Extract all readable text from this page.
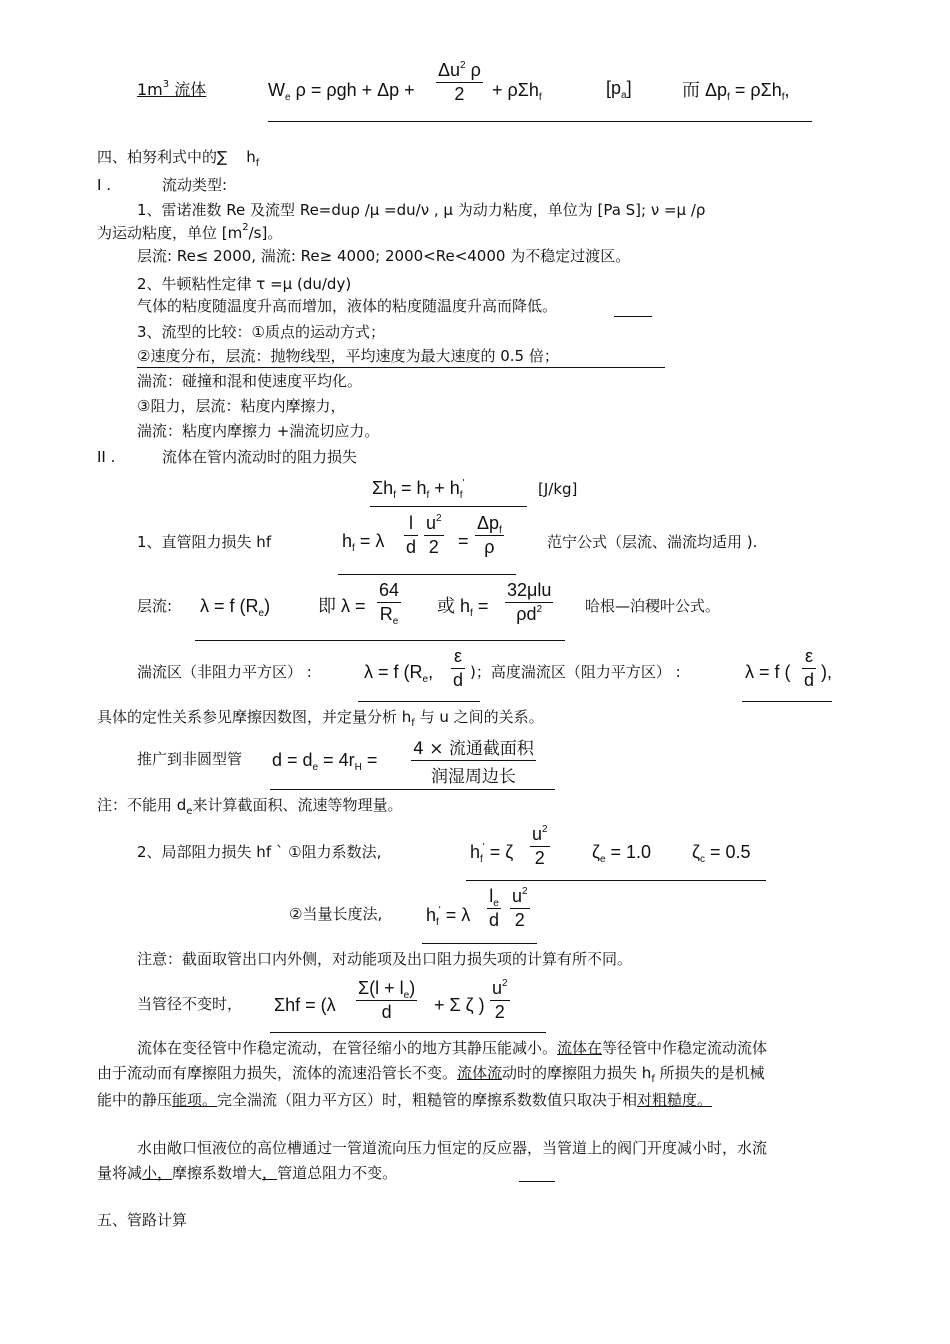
$1m^3$ 流体	$W_e$ ρ = ρgh + Δp +
$\Delta u^2$ ρ
2 + ρΣh$_f$	$[p_a]$	而 $\Delta p_f = \rho\Sigma h_f$,
四、柏努利式中的∑ $h_f$
I .	流动类型:
1、雷诺准数 Re 及流型 Re=duρ /μ =du/ν , μ 为动力粘度，单位为 [Pa S]; ν =μ /ρ
为运动粘度，单位 $[m^2/s]$。
层流: Re≤ 2000, 湍流: Re≥ 4000; 2000<Re<4000 为不稳定过渡区。
2、牛顿粘性定律 τ =μ (du/dy)
气体的粘度随温度升高而增加，液体的粘度随温度升高而降低。
3、流型的比较：①质点的运动方式；
②速度分布，层流：抛物线型，平均速度为最大速度的 0.5 倍；
湍流：碰撞和混和使速度平均化。
③阻力，层流：粘度内摩擦力，
湍流：粘度内摩擦力 +湍流切应力。
II .	流体在管内流动时的阻力损失
$\Sigma h_f = h_f + h_f'$	[J/kg]
1、直管阻力损失 hf	$h_f = \lambda$
l
d
$u^2$
2 =
$\Delta p_f$
ρ	范宁公式（层流、湍流均适用 ).
层流: λ = f $(R_e)$	即 λ =
64
$R_e$
或 $h_f$ =
32μlu
$\rho d^2$	哈根—泊稷叶公式。
湍流区（非阻力平方区） :	λ = f ($R_e$,
ε
d )；高度湍流区（阻力平方区） :	λ = f (
ε
d ),
具体的定性关系参见摩擦因数图，并定量分析 $h_f$ 与 u 之间的关系。
推广到非圆型管 $d = d_e = 4r_H$ =
4 × 流通截面积
润湿周边长
注：不能用 $d_e$来计算截面积、流速等物理量。
2、局部阻力损失 hf ` ①阻力系数法,	$h_f' = \zeta$
$u^2$
2	$\zeta_e = 1.0$ $\zeta_c = 0.5$
②当量长度法, $h_f' = \lambda$
$l_e$
d
$u^2$
2
注意：截面取管出口内外侧，对动能项及出口阻力损失项的计算有所不同。
当管径不变时， Σhf = (λ
$\Sigma(l + l_e)$
d + Σ ζ )
$u^2$
2

流体在变径管中作稳定流动，在管径缩小的地方其静压能减小。流体在等径管中作稳定流动流体由于流动而有摩擦阻力损失，流体的流速沿管长不变。流体流动时的摩擦阻力损失 $h_f$ 所损失的是机械能中的静压能项。完全湍流（阻力平方区）时，粗糙管的摩擦系数数值只取决于相对粗糙度。

水由敞口恒液位的高位槽通过一管道流向压力恒定的反应器，当管道上的阀门开度减小时，水流量将减小，摩擦系数增大，管道总阻力不变。

五、管路计算
